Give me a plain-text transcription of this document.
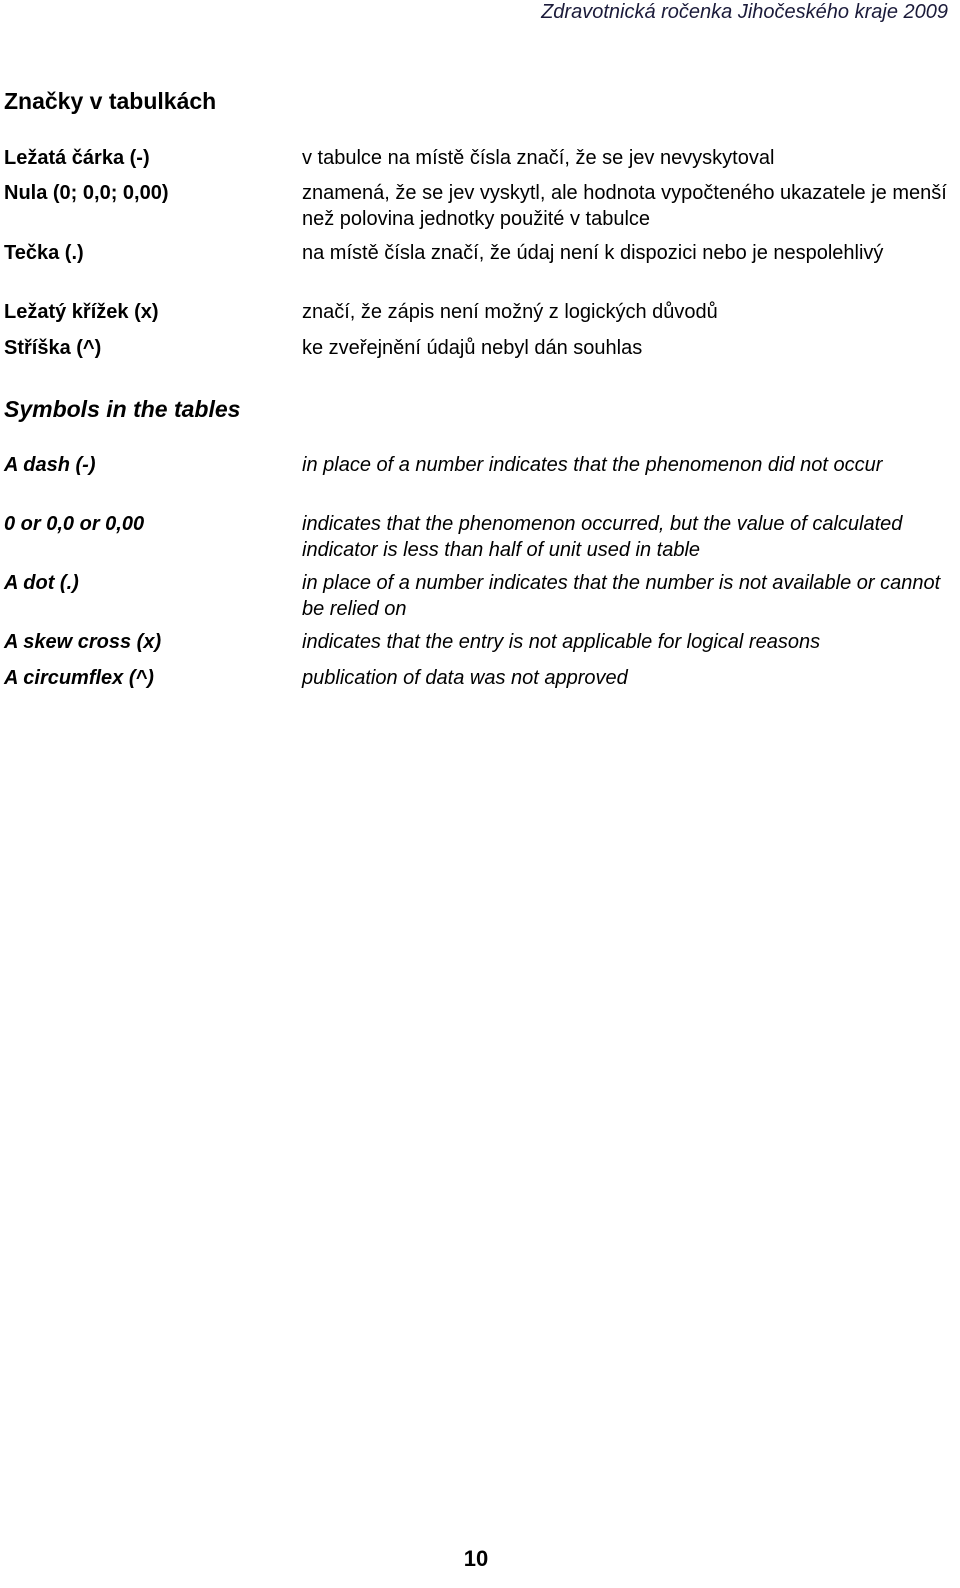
Zdravotnická ročenka Jihočeského kraje 2009
Značky v tabulkách
Ležatá čárka (-)	v tabulce na místě čísla značí, že se jev nevyskytoval
Nula (0; 0,0; 0,00)	znamená, že se jev vyskytl, ale hodnota vypočteného ukazatele je menší než polovina jednotky použité v tabulce
Tečka (.)	na místě čísla značí, že údaj není k dispozici nebo je nespolehlivý
Ležatý křížek (x)	značí, že zápis není možný z logických důvodů
Stříška (^)	ke zveřejnění údajů nebyl dán souhlas
Symbols in the tables
A dash (-)	in place of a number indicates that the phenomenon did not occur
0 or 0,0 or 0,00	indicates that the phenomenon occurred, but the value of calculated indicator is less than half of unit used in table
A dot (.)	in place of a number indicates that the number is not available or cannot be relied on
A skew cross (x)	indicates that the entry is not applicable for logical reasons
A circumflex (^)	publication of data was not approved
10
